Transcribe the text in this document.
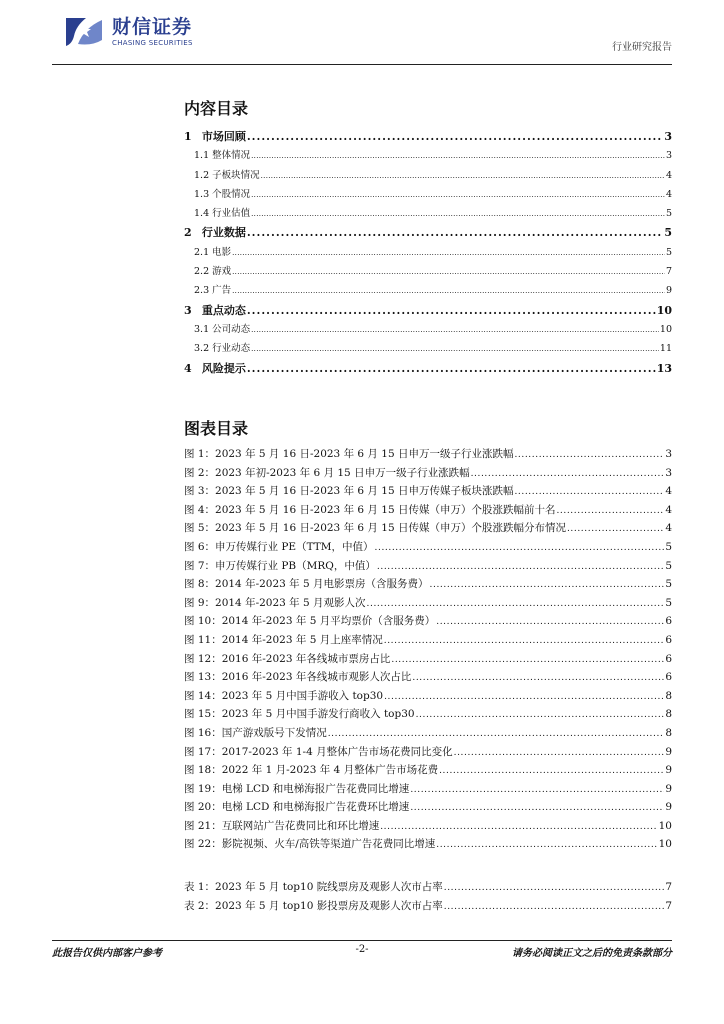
财信证券
CHASING SECURITIES	行业研究报告
内容目录
1 市场回顾 .....	3
1.1 整体情况 .....	3
1.2 子板块情况 .....	4
1.3 个股情况 .....	4
1.4 行业估值 .....	5
2 行业数据 .....	5
2.1 电影 .....	5
2.2 游戏 .....	7
2.3 广告 .....	9
3 重点动态 .....	10
3.1 公司动态 .....	10
3.2 行业动态 .....	11
4 风险提示 .....	13
图表目录
图 1：2023 年 5 月 16 日-2023 年 6 月 15 日申万一级子行业涨跌幅 .....	3
图 2：2023 年初-2023 年 6 月 15 日申万一级子行业涨跌幅 .....	3
图 3：2023 年 5 月 16 日-2023 年 6 月 15 日申万传媒子板块涨跌幅 .....	4
图 4：2023 年 5 月 16 日-2023 年 6 月 15 日传媒（申万）个股涨跌幅前十名 .....	4
图 5：2023 年 5 月 16 日-2023 年 6 月 15 日传媒（申万）个股涨跌幅分布情况 .....	4
图 6：申万传媒行业 PE（TTM，中值） .....	5
图 7：申万传媒行业 PB（MRQ，中值） .....	5
图 8：2014 年-2023 年 5 月电影票房（含服务费） .....	5
图 9：2014 年-2023 年 5 月观影人次 .....	5
图 10：2014 年-2023 年 5 月平均票价（含服务费） .....	6
图 11：2014 年-2023 年 5 月上座率情况 .....	6
图 12：2016 年-2023 年各线城市票房占比 .....	6
图 13：2016 年-2023 年各线城市观影人次占比 .....	6
图 14：2023 年 5 月中国手游收入 top30 .....	8
图 15：2023 年 5 月中国手游发行商收入 top30 .....	8
图 16：国产游戏版号下发情况 .....	8
图 17：2017-2023 年 1-4 月整体广告市场花费同比变化 .....	9
图 18：2022 年 1 月-2023 年 4 月整体广告市场花费 .....	9
图 19：电梯 LCD 和电梯海报广告花费同比增速 .....	9
图 20：电梯 LCD 和电梯海报广告花费环比增速 .....	9
图 21：互联网站广告花费同比和环比增速 .....	10
图 22：影院视频、火车/高铁等渠道广告花费同比增速 .....	10
表 1：2023 年 5 月 top10 院线票房及观影人次市占率 .....	7
表 2：2023 年 5 月 top10 影投票房及观影人次市占率 .....	7
此报告仅供内部客户参考	-2-	请务必阅读正文之后的免责条款部分
